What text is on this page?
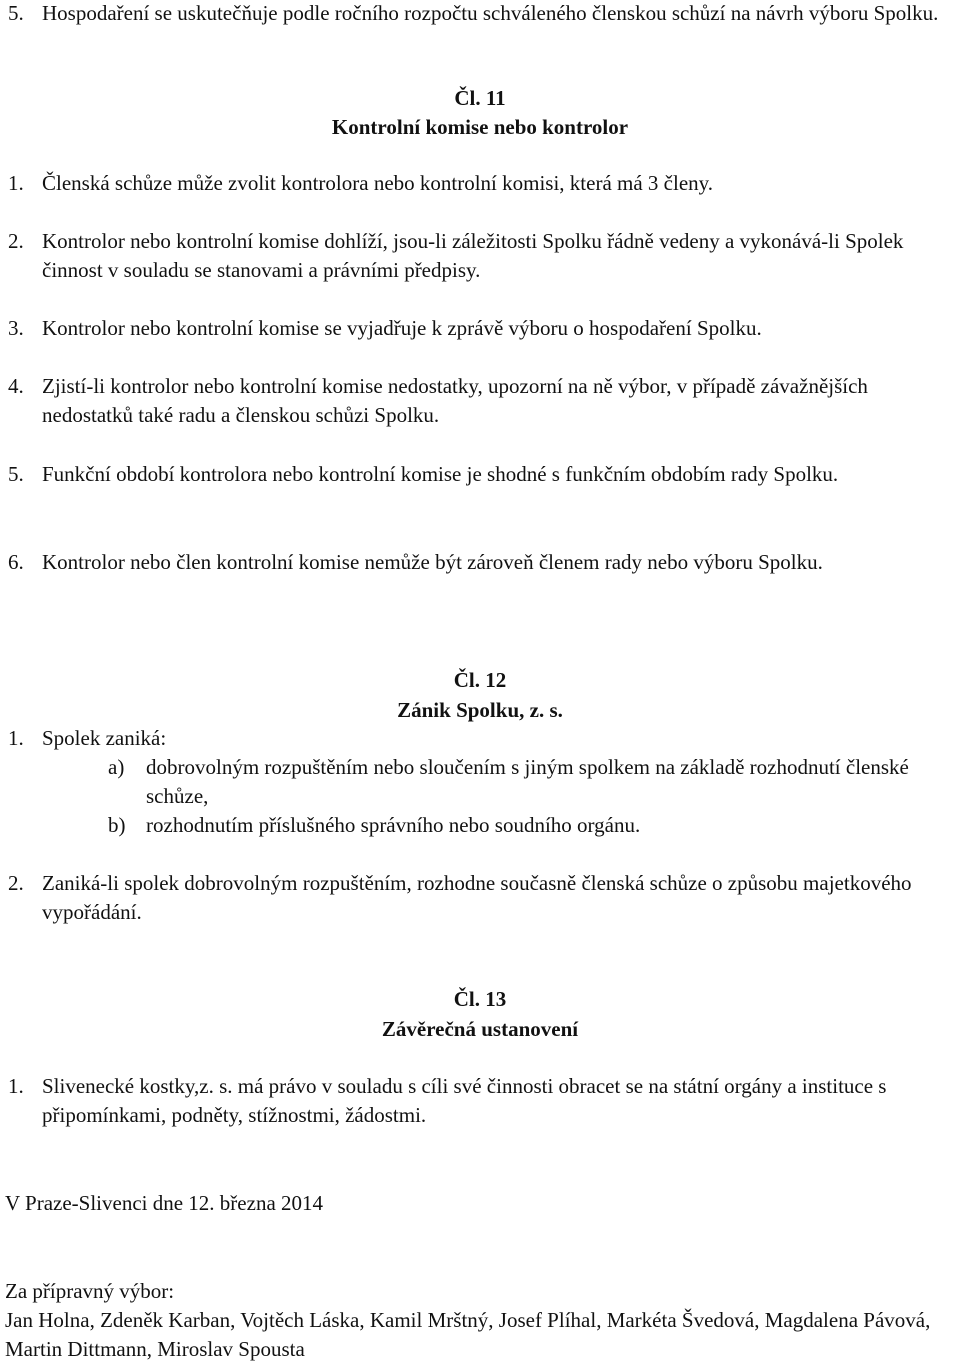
5. Hospodaření se uskutečňuje podle ročního rozpočtu schváleného členskou schůzí na návrh výboru Spolku.
Čl. 11
Kontrolní komise nebo kontrolor
1. Členská schůze může zvolit kontrolora nebo kontrolní komisi, která má 3 členy.
2. Kontrolor nebo kontrolní komise dohlíží, jsou-li záležitosti Spolku řádně vedeny a vykonává-li Spolek činnost v souladu se stanovami a právními předpisy.
3. Kontrolor nebo kontrolní komise se vyjadřuje k zprávě výboru o hospodaření Spolku.
4. Zjistí-li kontrolor nebo kontrolní komise nedostatky, upozorní na ně výbor, v případě závažnějších nedostatků také radu a členskou schůzi Spolku.
5. Funkční období kontrolora nebo kontrolní komise je shodné s funkčním obdobím rady Spolku.
6. Kontrolor nebo člen kontrolní komise nemůže být zároveň členem rady nebo výboru Spolku.
Čl. 12
Zánik Spolku, z. s.
1. Spolek zaniká:
a)	dobrovolným rozpuštěním nebo sloučením s jiným spolkem na základě rozhodnutí členské schůze,
b) rozhodnutím příslušného správního nebo soudního orgánu.
2. Zaniká-li spolek dobrovolným rozpuštěním, rozhodne současně členská schůze o způsobu majetkového vypořádání.
Čl. 13
Závěrečná ustanovení
1. Slivenecké kostky,z. s. má právo v souladu s cíli své činnosti obracet se na státní orgány a instituce s připomínkami, podněty, stížnostmi, žádostmi.
V Praze-Slivenci dne 12. března 2014
Za přípravný výbor:
Jan Holna, Zdeněk Karban, Vojtěch Láska, Kamil Mrštný, Josef Plíhal, Markéta Švedová, Magdalena Pávová, Martin Dittmann, Miroslav Spousta
